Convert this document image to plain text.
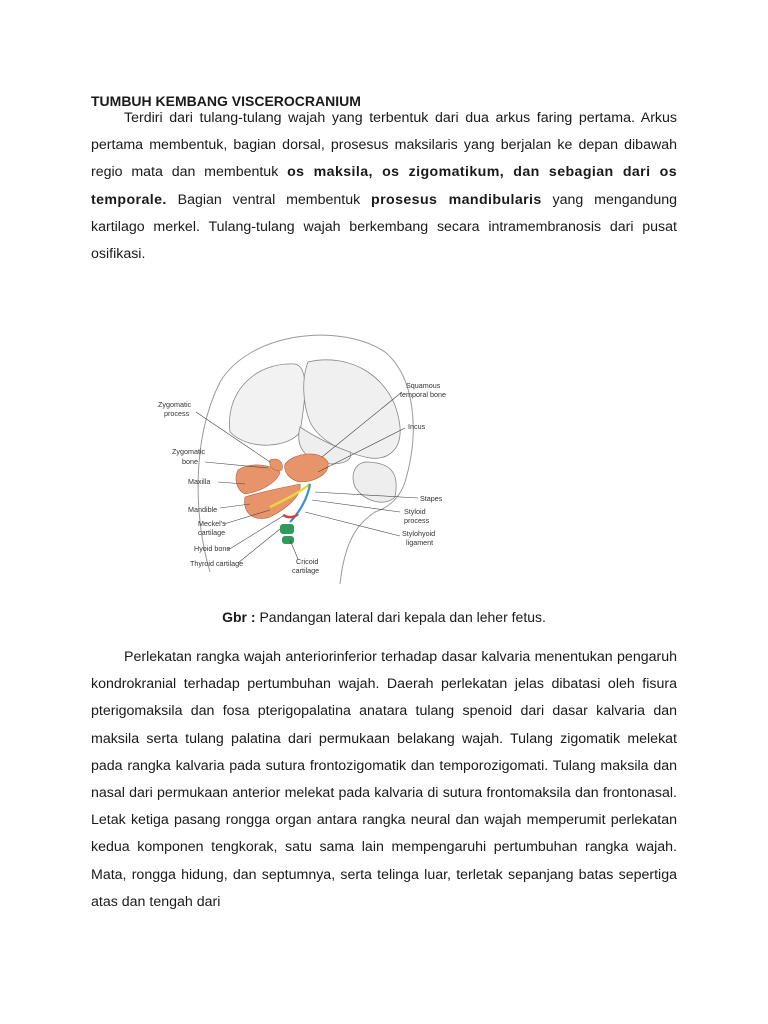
TUMBUH KEMBANG VISCEROCRANIUM

Terdiri dari tulang-tulang wajah yang terbentuk dari dua arkus faring pertama. Arkus pertama membentuk, bagian dorsal, prosesus maksilaris yang berjalan ke depan dibawah regio mata dan membentuk os maksila, os zigomatikum, dan sebagian dari os temporale. Bagian ventral membentuk prosesus mandibularis yang mengandung kartilago merkel. Tulang-tulang wajah berkembang secara intramembranosis dari pusat osifikasi.

Zygomatic
process
Zygomatic
bone
Maxilla
Mandible
Meckel's
cartilage
Hyoid bone
Thyroid cartilage
Squamous
temporal bone
Incus
Stapes
Styloid
process
Stylohyoid
ligament
Cricoid
cartilage

Gbr : Pandangan lateral dari kepala dan leher fetus.

Perlekatan rangka wajah anteriorinferior terhadap dasar kalvaria menentukan pengaruh kondrokranial terhadap pertumbuhan wajah. Daerah perlekatan jelas dibatasi oleh fisura pterigomaksila dan fosa pterigopalatina anatara tulang spenoid dari dasar kalvaria dan maksila serta tulang palatina dari permukaan belakang wajah. Tulang zigomatik melekat pada rangka kalvaria pada sutura frontozigomatik dan temporozigomati. Tulang maksila dan nasal dari permukaan anterior melekat pada kalvaria di sutura frontomaksila dan frontonasal. Letak ketiga pasang rongga organ antara rangka neural dan wajah memperumit perlekatan kedua komponen tengkorak, satu sama lain mempengaruhi pertumbuhan rangka wajah. Mata, rongga hidung, dan septumnya, serta telinga luar, terletak sepanjang batas sepertiga atas dan tengah dari
